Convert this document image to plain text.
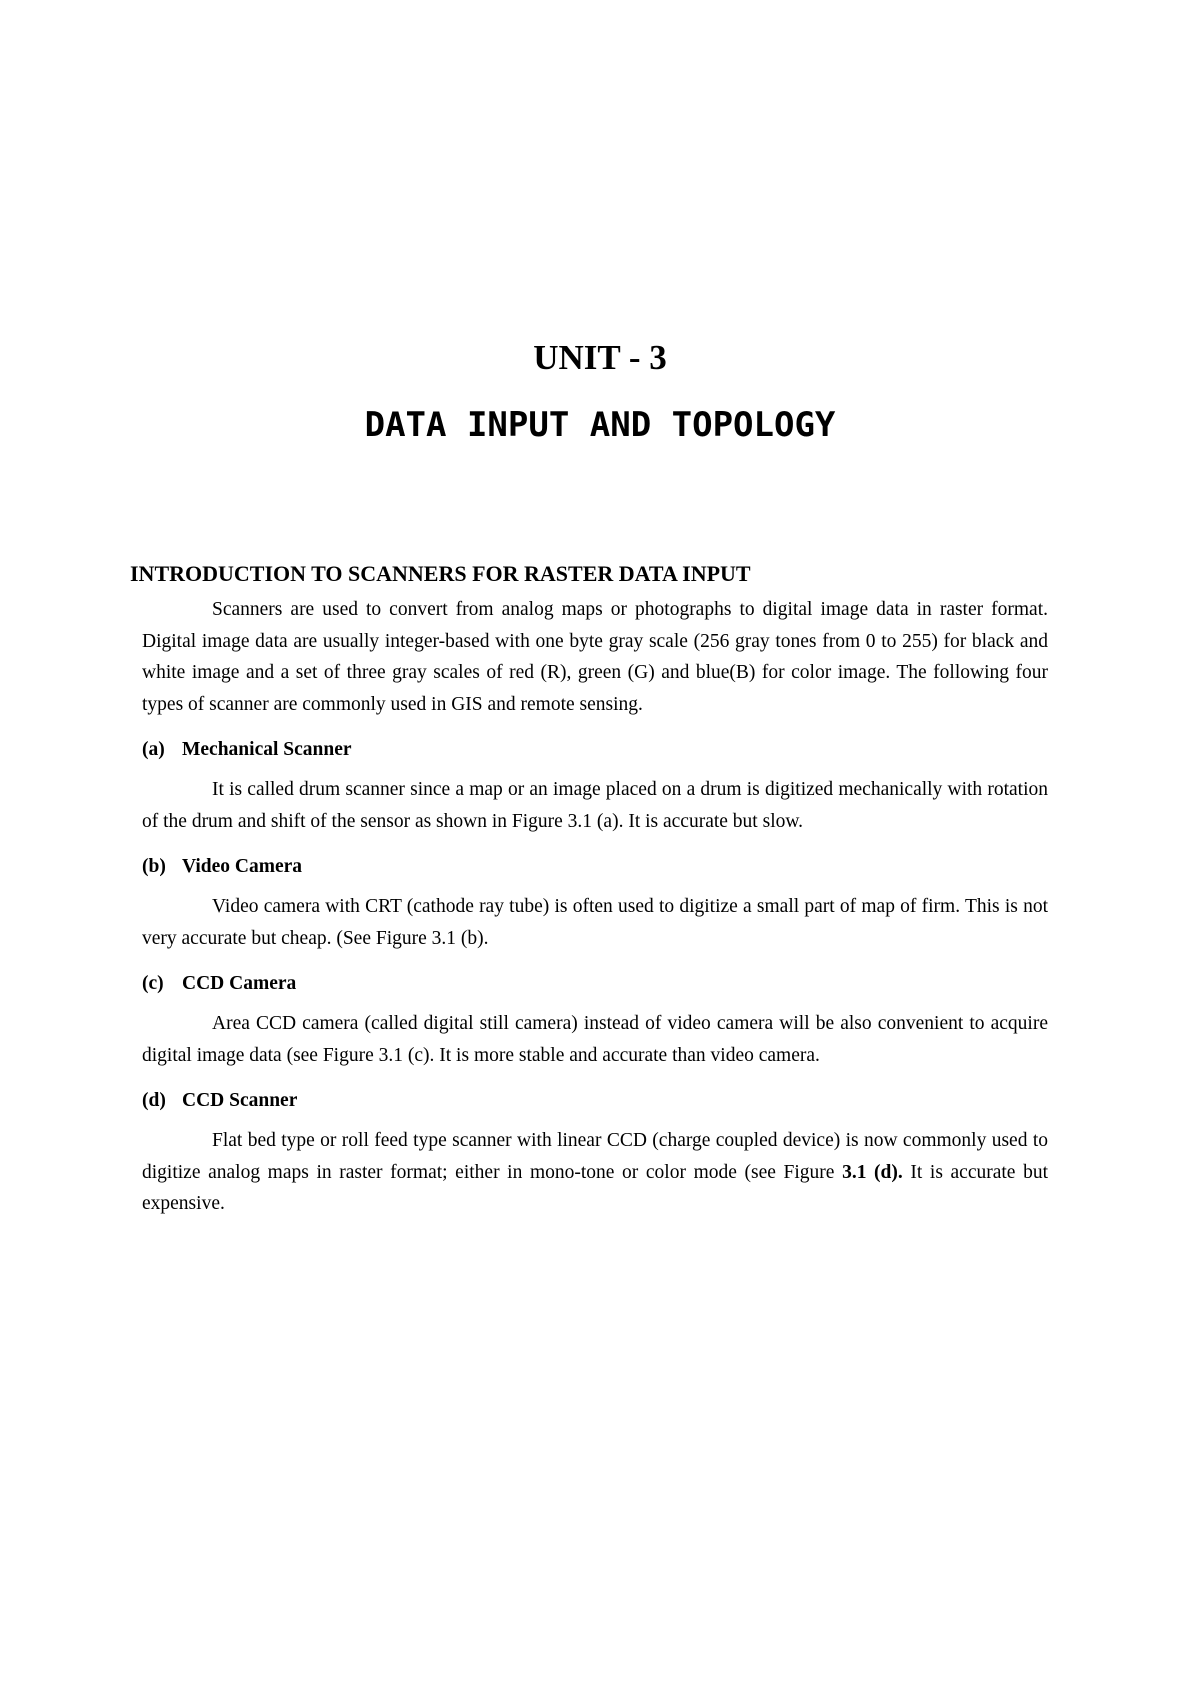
UNIT - 3
DATA INPUT AND TOPOLOGY
INTRODUCTION TO SCANNERS FOR RASTER DATA INPUT

Scanners are used to convert from analog maps or photographs to digital image data in raster format. Digital image data are usually integer-based with one byte gray scale (256 gray tones from 0 to 255) for black and white image and a set of three gray scales of red (R), green (G) and blue(B) for color image. The following four types of scanner are commonly used in GIS and remote sensing.

(a) Mechanical Scanner

It is called drum scanner since a map or an image placed on a drum is digitized mechanically with rotation of the drum and shift of the sensor as shown in Figure 3.1 (a). It is accurate but slow.

(b) Video Camera

Video camera with CRT (cathode ray tube) is often used to digitize a small part of map of firm. This is not very accurate but cheap. (See Figure 3.1 (b).

(c) CCD Camera

Area CCD camera (called digital still camera) instead of video camera will be also convenient to acquire digital image data (see Figure 3.1 (c). It is more stable and accurate than video camera.

(d) CCD Scanner

Flat bed type or roll feed type scanner with linear CCD (charge coupled device) is now commonly used to digitize analog maps in raster format; either in mono-tone or color mode (see Figure 3.1 (d). It is accurate but expensive.
